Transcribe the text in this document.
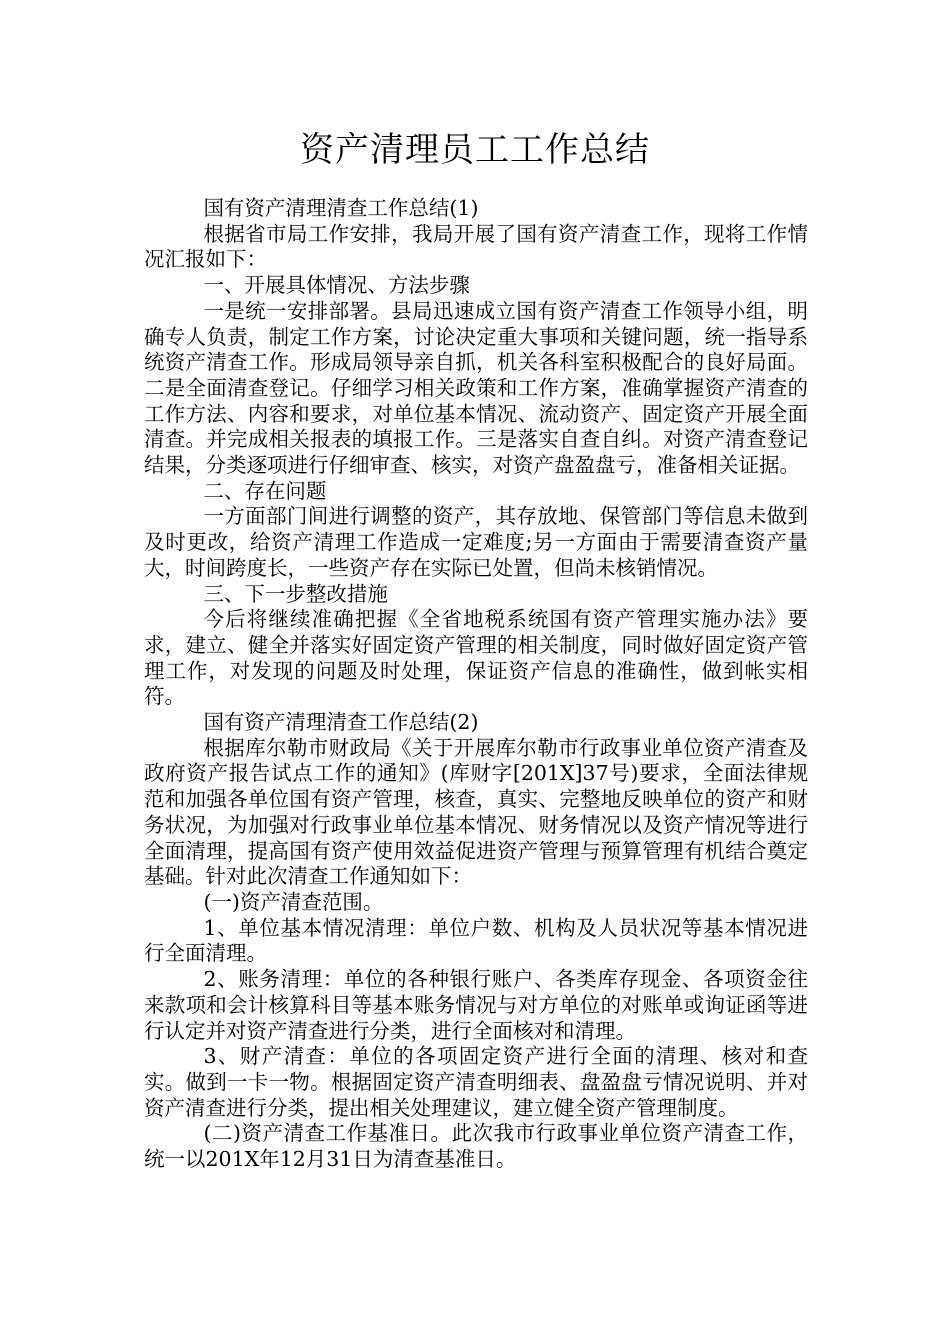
资产清理员工工作总结

国有资产清理清查工作总结(1)

根据省市局工作安排，我局开展了国有资产清查工作，现将工作情况汇报如下：

一、开展具体情况、方法步骤

一是统一安排部署。县局迅速成立国有资产清查工作领导小组，明确专人负责，制定工作方案，讨论决定重大事项和关键问题，统一指导系统资产清查工作。形成局领导亲自抓，机关各科室积极配合的良好局面。二是全面清查登记。仔细学习相关政策和工作方案，准确掌握资产清查的工作方法、内容和要求，对单位基本情况、流动资产、固定资产开展全面清查。并完成相关报表的填报工作。三是落实自查自纠。对资产清查登记结果，分类逐项进行仔细审查、核实，对资产盘盈盘亏，准备相关证据。

二、存在问题

一方面部门间进行调整的资产，其存放地、保管部门等信息未做到及时更改，给资产清理工作造成一定难度;另一方面由于需要清查资产量大，时间跨度长，一些资产存在实际已处置，但尚未核销情况。

三、下一步整改措施

今后将继续准确把握《全省地税系统国有资产管理实施办法》要求，建立、健全并落实好固定资产管理的相关制度，同时做好固定资产管理工作，对发现的问题及时处理，保证资产信息的准确性，做到帐实相符。

国有资产清理清查工作总结(2)

根据库尔勒市财政局《关于开展库尔勒市行政事业单位资产清查及政府资产报告试点工作的通知》(库财字[201X]37号)要求，全面法律规范和加强各单位国有资产管理，核查，真实、完整地反映单位的资产和财务状况，为加强对行政事业单位基本情况、财务情况以及资产情况等进行全面清理，提高国有资产使用效益促进资产管理与预算管理有机结合奠定基础。针对此次清查工作通知如下：

(一)资产清查范围。

1、单位基本情况清理：单位户数、机构及人员状况等基本情况进行全面清理。

2、账务清理：单位的各种银行账户、各类库存现金、各项资金往来款项和会计核算科目等基本账务情况与对方单位的对账单或询证函等进行认定并对资产清查进行分类，进行全面核对和清理。

3、财产清查：单位的各项固定资产进行全面的清理、核对和查实。做到一卡一物。根据固定资产清查明细表、盘盈盘亏情况说明、并对资产清查进行分类，提出相关处理建议，建立健全资产管理制度。

(二)资产清查工作基准日。此次我市行政事业单位资产清查工作，统一以201X年12月31日为清查基准日。
